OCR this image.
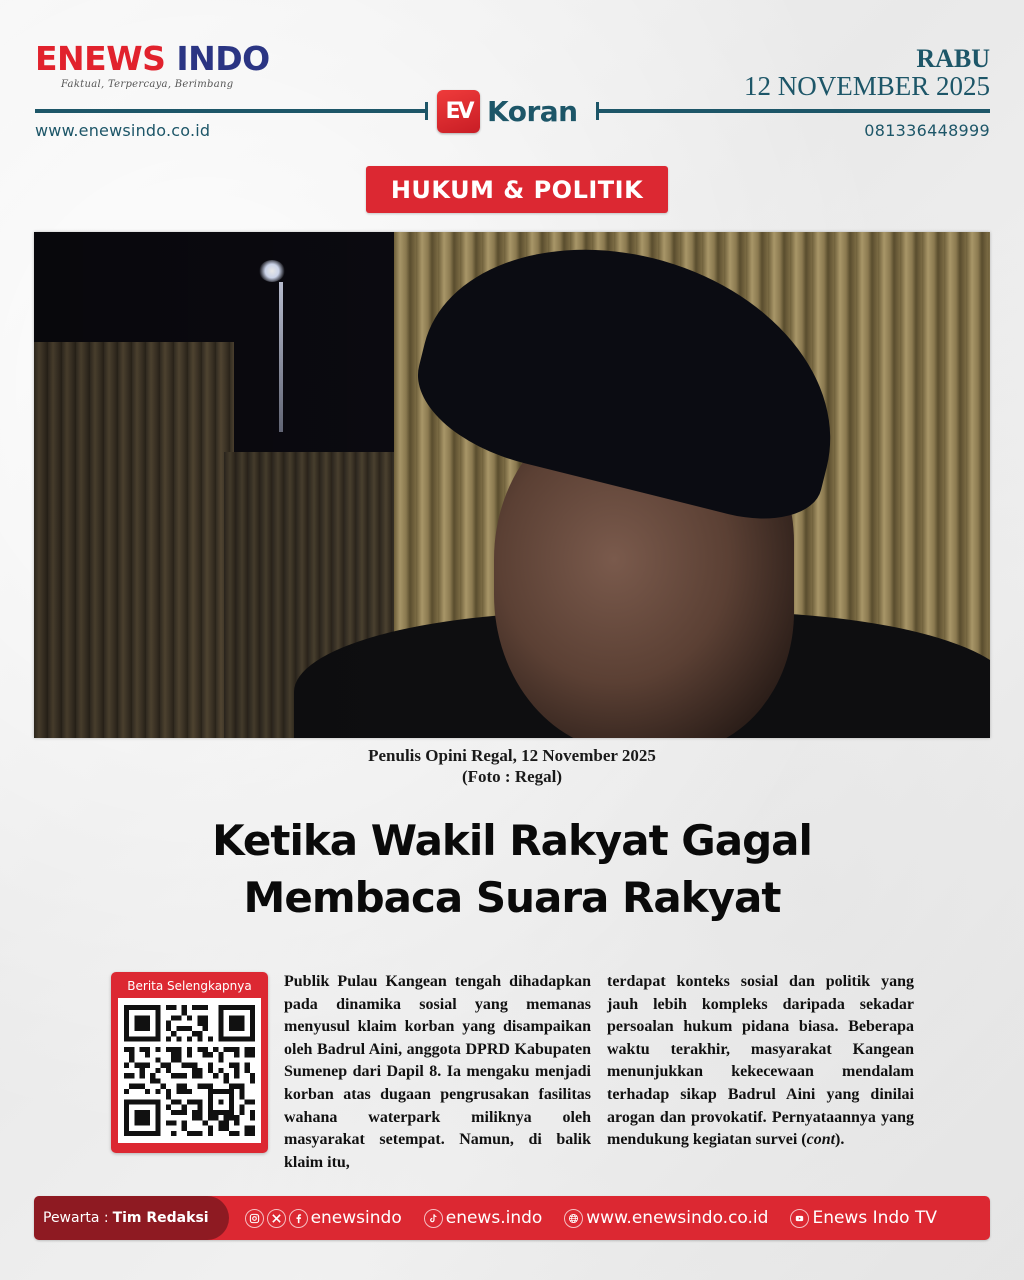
ENEWS INDO
Faktual, Terpercaya, Berimbang
RABU
12 NOVEMBER 2025
EV Koran
www.enewsindo.co.id	081336448999
HUKUM & POLITIK
Penulis Opini Regal, 12 November 2025
(Foto : Regal)
Ketika Wakil Rakyat Gagal
Membaca Suara Rakyat
Berita Selengkapnya	Publik Pulau Kangean tengah dihadapkan pada dinamika sosial yang memanas menyusul klaim korban yang disampaikan oleh Badrul Aini, anggota DPRD Kabupaten Sumenep dari Dapil 8. Ia mengaku menjadi korban atas dugaan pengrusakan fasilitas wahana waterpark miliknya oleh masyarakat setempat. Namun, di balik klaim itu,
terdapat konteks sosial dan politik yang jauh lebih kompleks daripada sekadar persoalan hukum pidana biasa. Beberapa waktu terakhir, masyarakat Kangean menunjukkan kekecewaan mendalam terhadap sikap Badrul Aini yang dinilai arogan dan provokatif. Pernyataannya yang mendukung kegiatan survei (cont).
Pewarta : Tim Redaksi	enewsindo	enews.indo	www.enewsindo.co.id	Enews Indo TV
